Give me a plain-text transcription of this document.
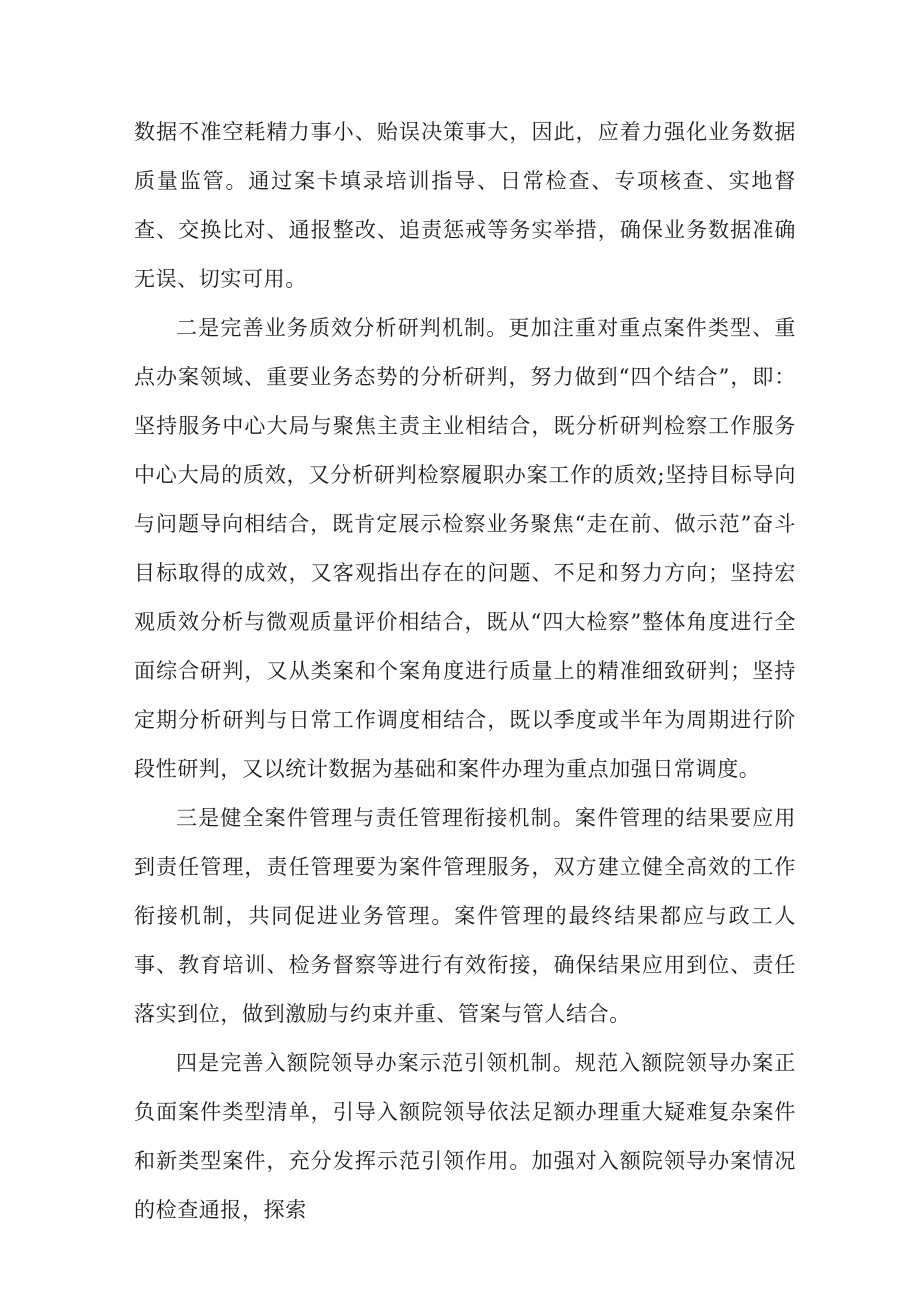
数据不准空耗精力事小、贻误决策事大，因此，应着力强化业务数据质量监管。通过案卡填录培训指导、日常检查、专项核查、实地督查、交换比对、通报整改、追责惩戒等务实举措，确保业务数据准确无误、切实可用。

二是完善业务质效分析研判机制。更加注重对重点案件类型、重点办案领域、重要业务态势的分析研判，努力做到“四个结合”，即：坚持服务中心大局与聚焦主责主业相结合，既分析研判检察工作服务中心大局的质效，又分析研判检察履职办案工作的质效;坚持目标导向与问题导向相结合，既肯定展示检察业务聚焦“走在前、做示范”奋斗目标取得的成效，又客观指出存在的问题、不足和努力方向；坚持宏观质效分析与微观质量评价相结合，既从“四大检察”整体角度进行全面综合研判，又从类案和个案角度进行质量上的精准细致研判；坚持定期分析研判与日常工作调度相结合，既以季度或半年为周期进行阶段性研判，又以统计数据为基础和案件办理为重点加强日常调度。

三是健全案件管理与责任管理衔接机制。案件管理的结果要应用到责任管理，责任管理要为案件管理服务，双方建立健全高效的工作衔接机制，共同促进业务管理。案件管理的最终结果都应与政工人事、教育培训、检务督察等进行有效衔接，确保结果应用到位、责任落实到位，做到激励与约束并重、管案与管人结合。

四是完善入额院领导办案示范引领机制。规范入额院领导办案正负面案件类型清单，引导入额院领导依法足额办理重大疑难复杂案件和新类型案件，充分发挥示范引领作用。加强对入额院领导办案情况的检查通报，探索
